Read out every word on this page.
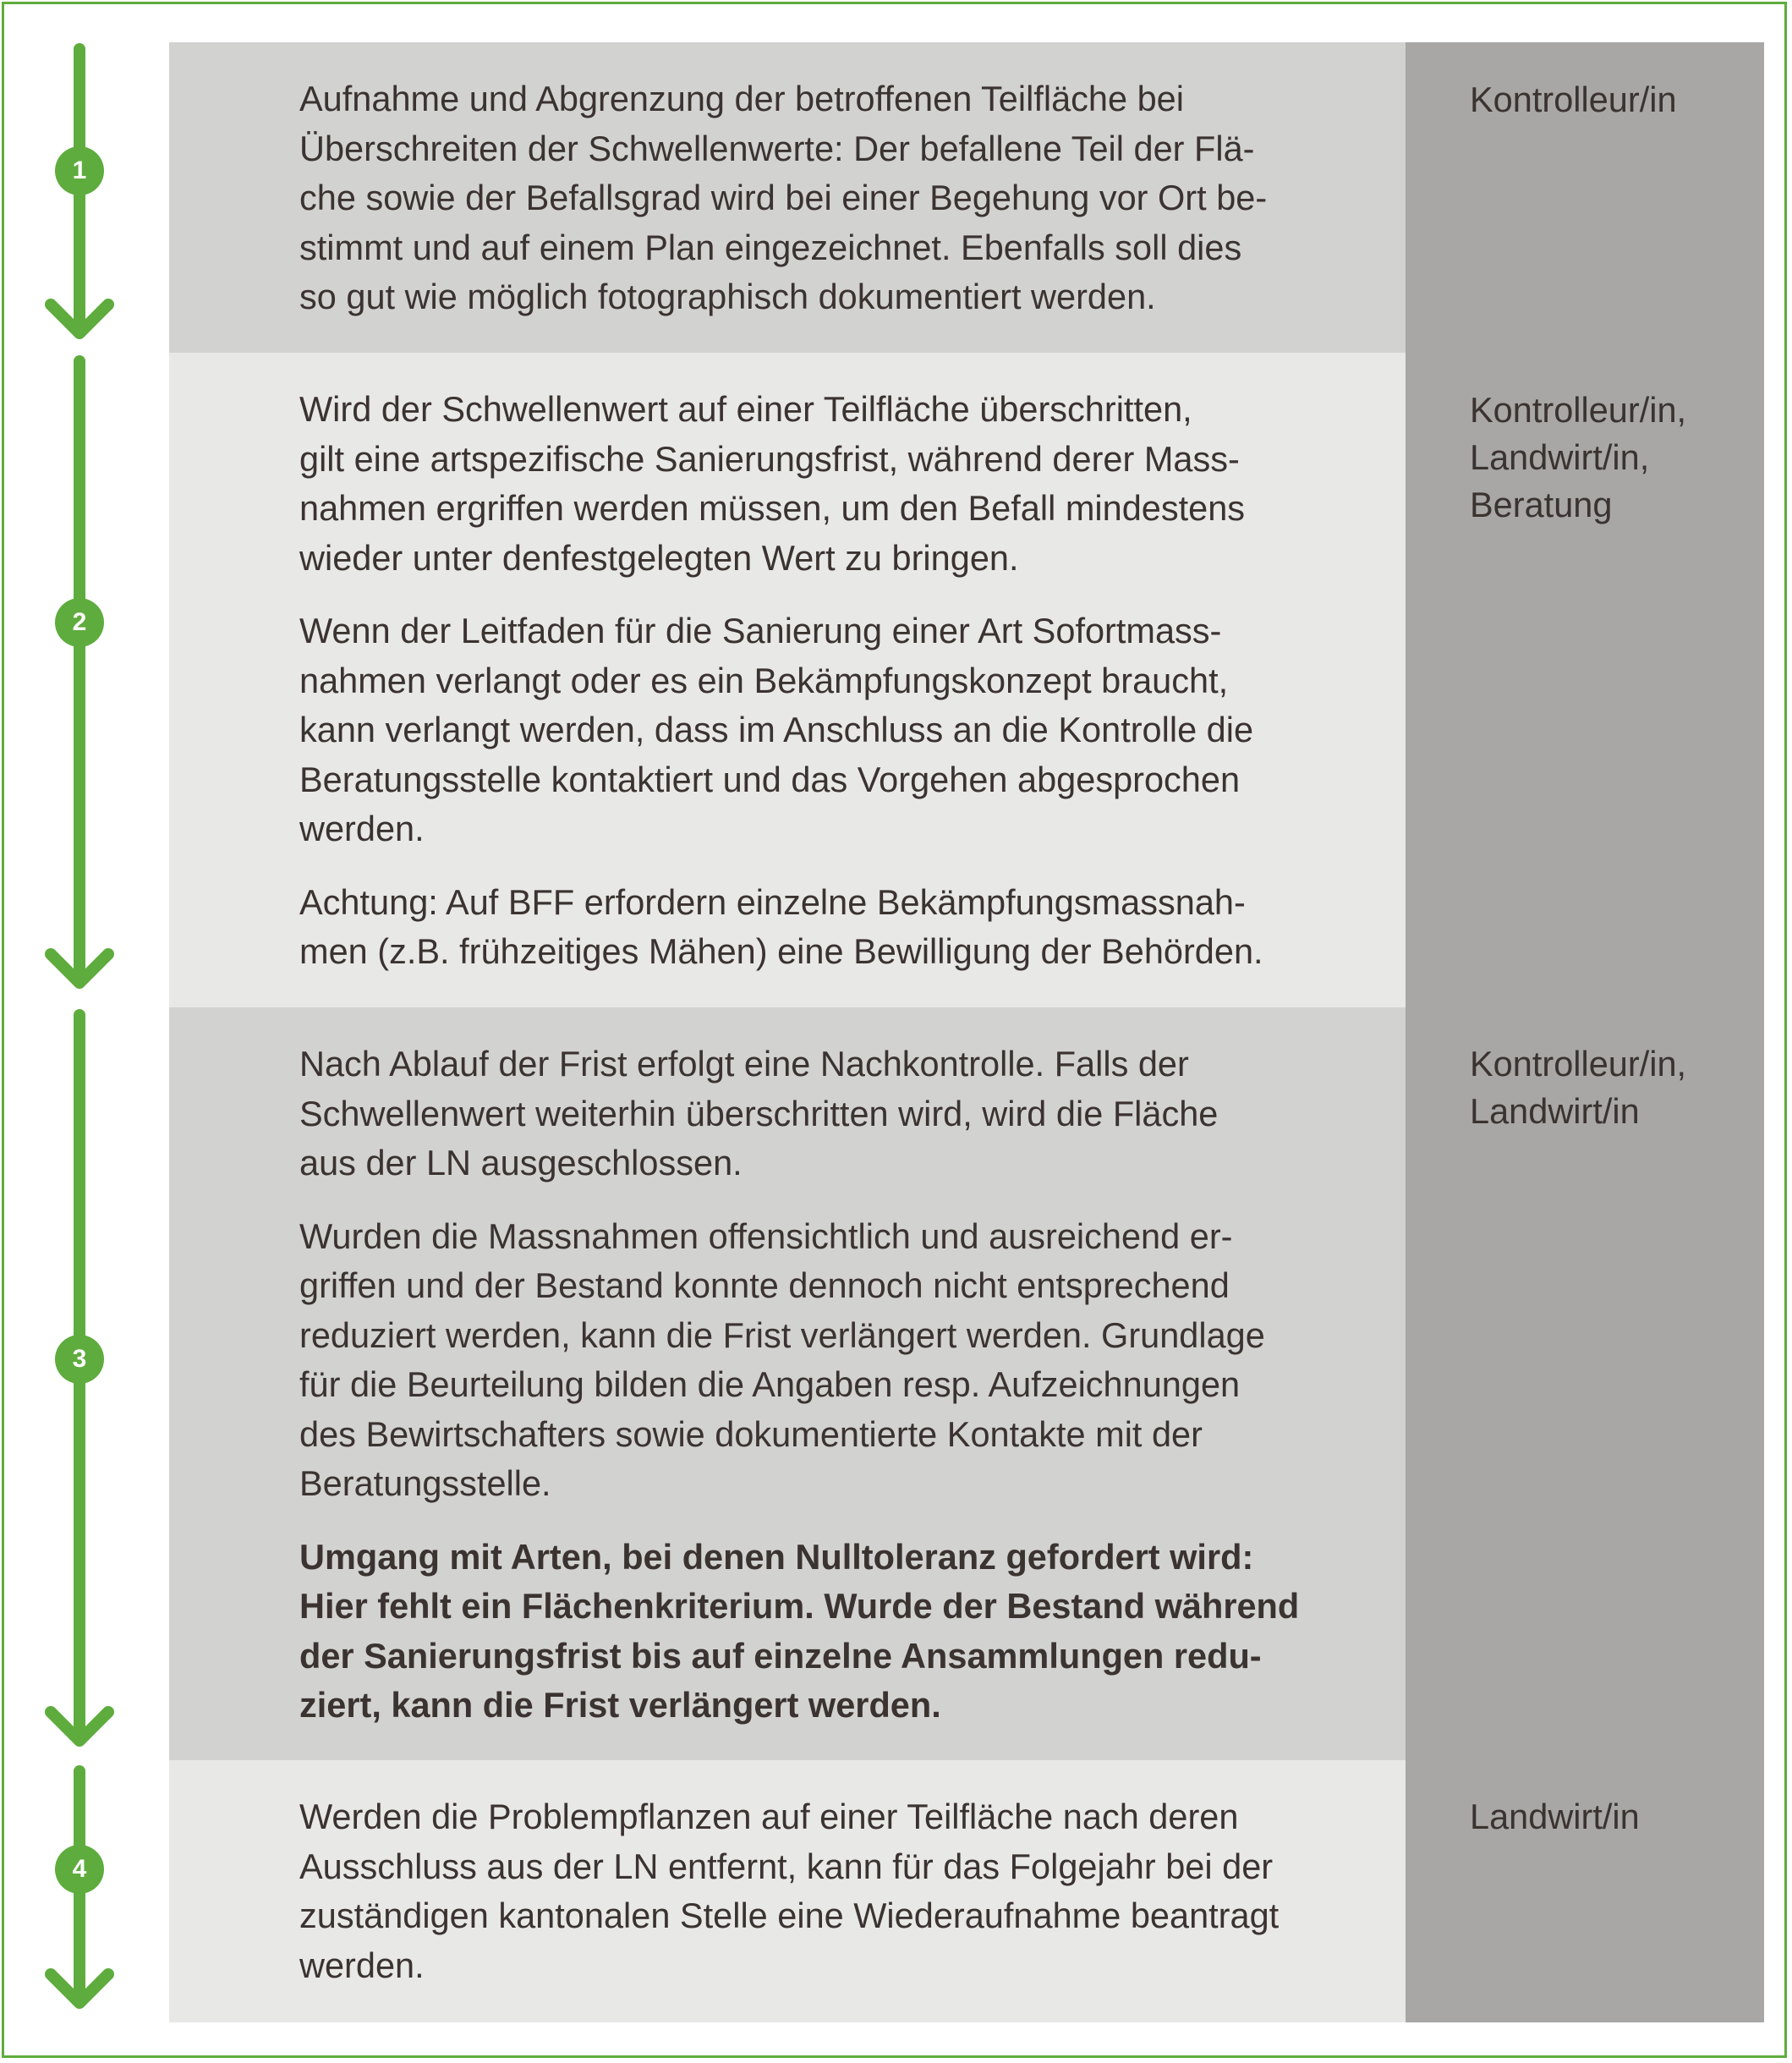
1
2
3
4

Aufnahme und Abgrenzung der betroffenen Teilfläche bei
Überschreiten der Schwellenwerte: Der befallene Teil der Flä-
che sowie der Befallsgrad wird bei einer Begehung vor Ort be-
stimmt und auf einem Plan eingezeichnet. Ebenfalls soll dies
so gut wie möglich fotographisch dokumentiert werden.

Wird der Schwellenwert auf einer Teilfläche überschritten,
gilt eine artspezifische Sanierungsfrist, während derer Mass-
nahmen ergriffen werden müssen, um den Befall mindestens
wieder unter denfestgelegten Wert zu bringen.

Wenn der Leitfaden für die Sanierung einer Art Sofortmass-
nahmen verlangt oder es ein Bekämpfungskonzept braucht,
kann verlangt werden, dass im Anschluss an die Kontrolle die
Beratungsstelle kontaktiert und das Vorgehen abgesprochen
werden.

Achtung: Auf BFF erfordern einzelne Bekämpfungsmassnah-
men (z.B. frühzeitiges Mähen) eine Bewilligung der Behörden.

Nach Ablauf der Frist erfolgt eine Nachkontrolle. Falls der
Schwellenwert weiterhin überschritten wird, wird die Fläche
aus der LN ausgeschlossen.

Wurden die Massnahmen offensichtlich und ausreichend er-
griffen und der Bestand konnte dennoch nicht entsprechend
reduziert werden, kann die Frist verlängert werden. Grundlage
für die Beurteilung bilden die Angaben resp. Aufzeichnungen
des Bewirtschafters sowie dokumentierte Kontakte mit der
Beratungsstelle.

Umgang mit Arten, bei denen Nulltoleranz gefordert wird:
Hier fehlt ein Flächenkriterium. Wurde der Bestand während
der Sanierungsfrist bis auf einzelne Ansammlungen redu-
ziert, kann die Frist verlängert werden.

Werden die Problempflanzen auf einer Teilfläche nach deren
Ausschluss aus der LN entfernt, kann für das Folgejahr bei der
zuständigen kantonalen Stelle eine Wiederaufnahme beantragt
werden.

Kontrolleur/in
Kontrolleur/in,
Landwirt/in,
Beratung
Kontrolleur/in,
Landwirt/in
Landwirt/in
